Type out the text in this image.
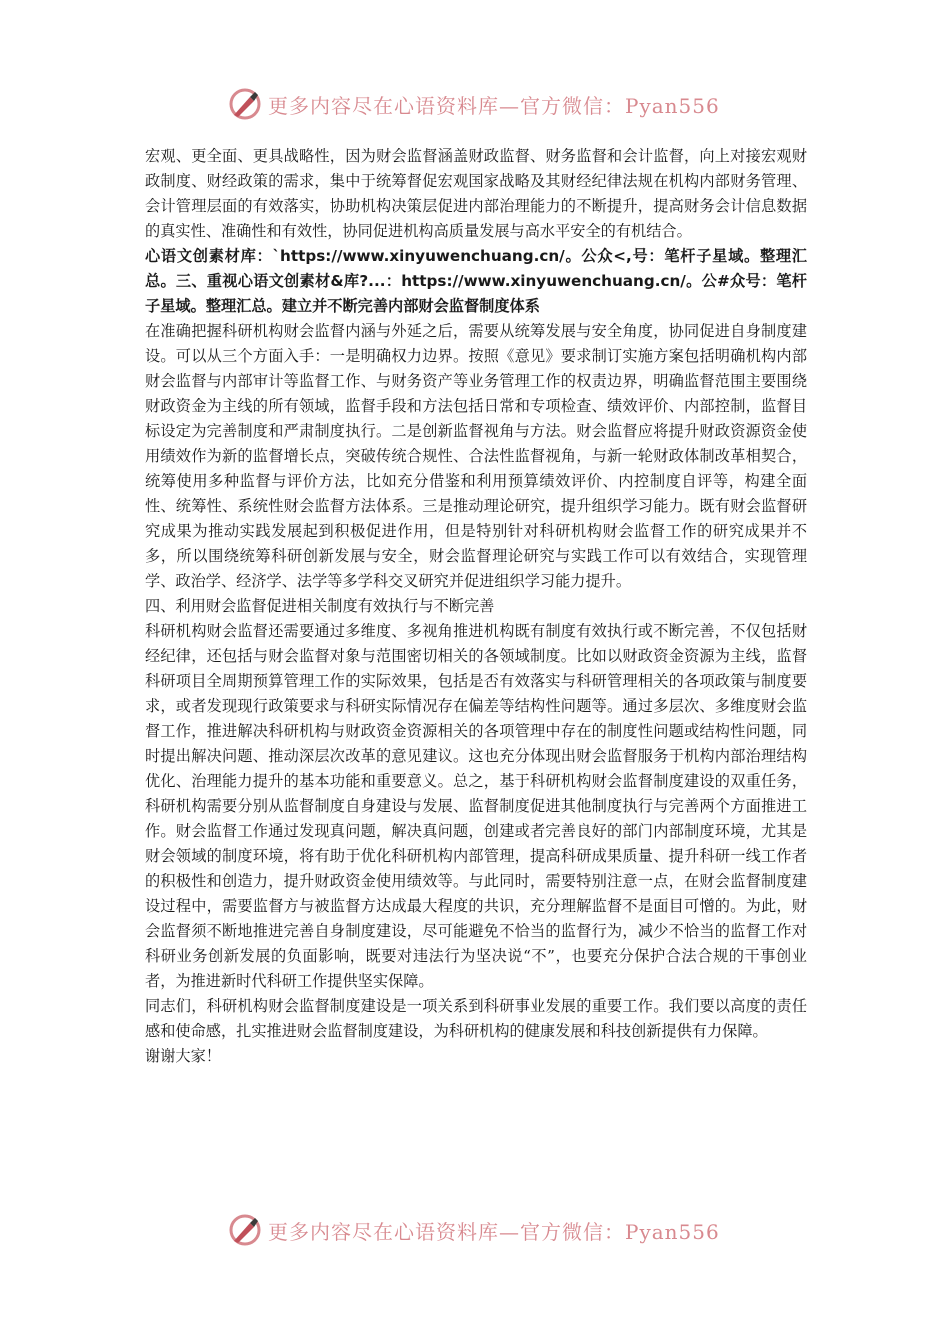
更多内容尽在心语资料库—官方微信：Pyan556

宏观、更全面、更具战略性，因为财会监督涵盖财政监督、财务监督和会计监督，向上对接宏观财政制度、财经政策的需求，集中于统筹督促宏观国家战略及其财经纪律法规在机构内部财务管理、会计管理层面的有效落实，协助机构决策层促进内部治理能力的不断提升，提高财务会计信息数据的真实性、准确性和有效性，协同促进机构高质量发展与高水平安全的有机结合。

心语文创素材库：`https://www.xinyuwenchuang.cn/。公众<,号：笔杆子星域。整理汇总。三、重视心语文创素材&库?...：https://www.xinyuwenchuang.cn/。公#众号：笔杆子星域。整理汇总。建立并不断完善内部财会监督制度体系

在准确把握科研机构财会监督内涵与外延之后，需要从统筹发展与安全角度，协同促进自身制度建设。可以从三个方面入手：一是明确权力边界。按照《意见》要求制订实施方案包括明确机构内部财会监督与内部审计等监督工作、与财务资产等业务管理工作的权责边界，明确监督范围主要围绕财政资金为主线的所有领域，监督手段和方法包括日常和专项检查、绩效评价、内部控制，监督目标设定为完善制度和严肃制度执行。二是创新监督视角与方法。财会监督应将提升财政资源资金使用绩效作为新的监督增长点，突破传统合规性、合法性监督视角，与新一轮财政体制改革相契合，统筹使用多种监督与评价方法，比如充分借鉴和利用预算绩效评价、内控制度自评等，构建全面性、统筹性、系统性财会监督方法体系。三是推动理论研究，提升组织学习能力。既有财会监督研究成果为推动实践发展起到积极促进作用，但是特别针对科研机构财会监督工作的研究成果并不多，所以围绕统筹科研创新发展与安全，财会监督理论研究与实践工作可以有效结合，实现管理学、政治学、经济学、法学等多学科交叉研究并促进组织学习能力提升。

四、利用财会监督促进相关制度有效执行与不断完善

科研机构财会监督还需要通过多维度、多视角推进机构既有制度有效执行或不断完善，不仅包括财经纪律，还包括与财会监督对象与范围密切相关的各领域制度。比如以财政资金资源为主线，监督科研项目全周期预算管理工作的实际效果，包括是否有效落实与科研管理相关的各项政策与制度要求，或者发现现行政策要求与科研实际情况存在偏差等结构性问题等。通过多层次、多维度财会监督工作，推进解决科研机构与财政资金资源相关的各项管理中存在的制度性问题或结构性问题，同时提出解决问题、推动深层次改革的意见建议。这也充分体现出财会监督服务于机构内部治理结构优化、治理能力提升的基本功能和重要意义。总之，基于科研机构财会监督制度建设的双重任务，科研机构需要分别从监督制度自身建设与发展、监督制度促进其他制度执行与完善两个方面推进工作。财会监督工作通过发现真问题，解决真问题，创建或者完善良好的部门内部制度环境，尤其是财会领域的制度环境，将有助于优化科研机构内部管理，提高科研成果质量、提升科研一线工作者的积极性和创造力，提升财政资金使用绩效等。与此同时，需要特别注意一点，在财会监督制度建设过程中，需要监督方与被监督方达成最大程度的共识，充分理解监督不是面目可憎的。为此，财会监督须不断地推进完善自身制度建设，尽可能避免不恰当的监督行为，减少不恰当的监督工作对科研业务创新发展的负面影响，既要对违法行为坚决说“不”，也要充分保护合法合规的干事创业者，为推进新时代科研工作提供坚实保障。

同志们，科研机构财会监督制度建设是一项关系到科研事业发展的重要工作。我们要以高度的责任感和使命感，扎实推进财会监督制度建设，为科研机构的健康发展和科技创新提供有力保障。

谢谢大家！

更多内容尽在心语资料库—官方微信：Pyan556
